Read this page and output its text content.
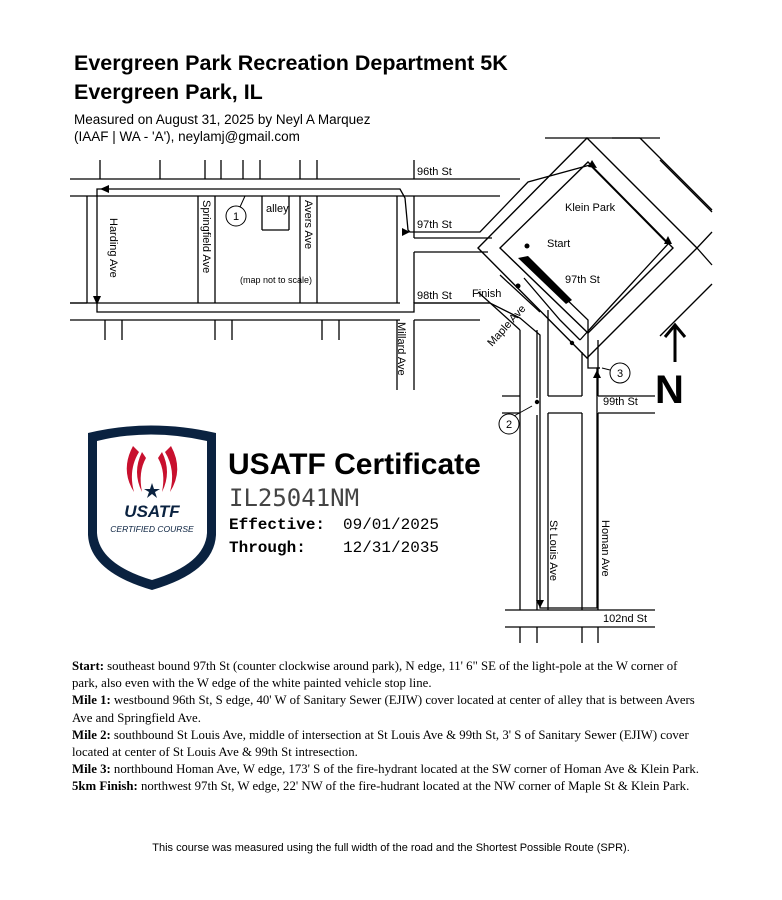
Evergreen Park Recreation Department 5K
Evergreen Park, IL
Measured on August 31, 2025 by Neyl A Marquez
(IAAF | WA - 'A'), neylamj@gmail.com
1
2
3
96th St
97th St
97th St
98th St
99th St
102nd St
Harding Ave	Springfield Ave	Avers Ave
Millard Ave	Maple Ave
St Louis Ave	Homan Ave
alley	Klein Park
Start
Finish
(map not to scale)
N
USATF
CERTIFIED COURSE
USATF Certificate
IL25041NM
Effective: 09/01/2025
Through: 12/31/2035

Start: southeast bound 97th St (counter clockwise around park), N edge, 11' 6" SE of the light-pole at the W corner of park, also even with the W edge of the white painted vehicle stop line.

Mile 1: westbound 96th St, S edge, 40' W of Sanitary Sewer (EJIW) cover located at center of alley that is between Avers Ave and Springfield Ave.

Mile 2: southbound St Louis Ave, middle of intersection at St Louis Ave & 99th St, 3' S of Sanitary Sewer (EJIW) cover located at center of St Louis Ave & 99th St intresection.

Mile 3: northbound Homan Ave, W edge, 173' S of the fire-hydrant located at the SW corner of Homan Ave & Klein Park.

5km Finish: northwest 97th St, W edge, 22' NW of the fire-hudrant located at the NW corner of Maple St & Klein Park.

This course was measured using the full width of the road and the Shortest Possible Route (SPR).
